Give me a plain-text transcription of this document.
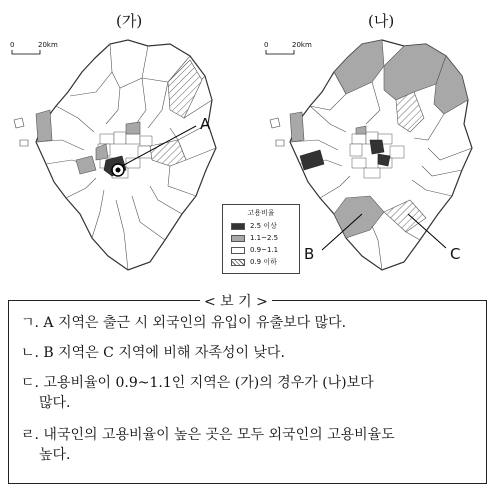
(가)	(나)
0	20km	0	20km
A
B	C
고용비율
2.5 이상
1.1~2.5
0.9~1.1
0.9 이하
ㄱ. A 지역은 출근 시 외국인의 유입이 유출보다 많다.
ㄴ. B 지역은 C 지역에 비해 자족성이 낮다.
ㄷ. 고용비율이 0.9~1.1인 지역은 (가)의 경우가 (나)보다
많다.
ㄹ. 내국인의 고용비율이 높은 곳은 모두 외국인의 고용비율도
높다.
< 보 기 >
